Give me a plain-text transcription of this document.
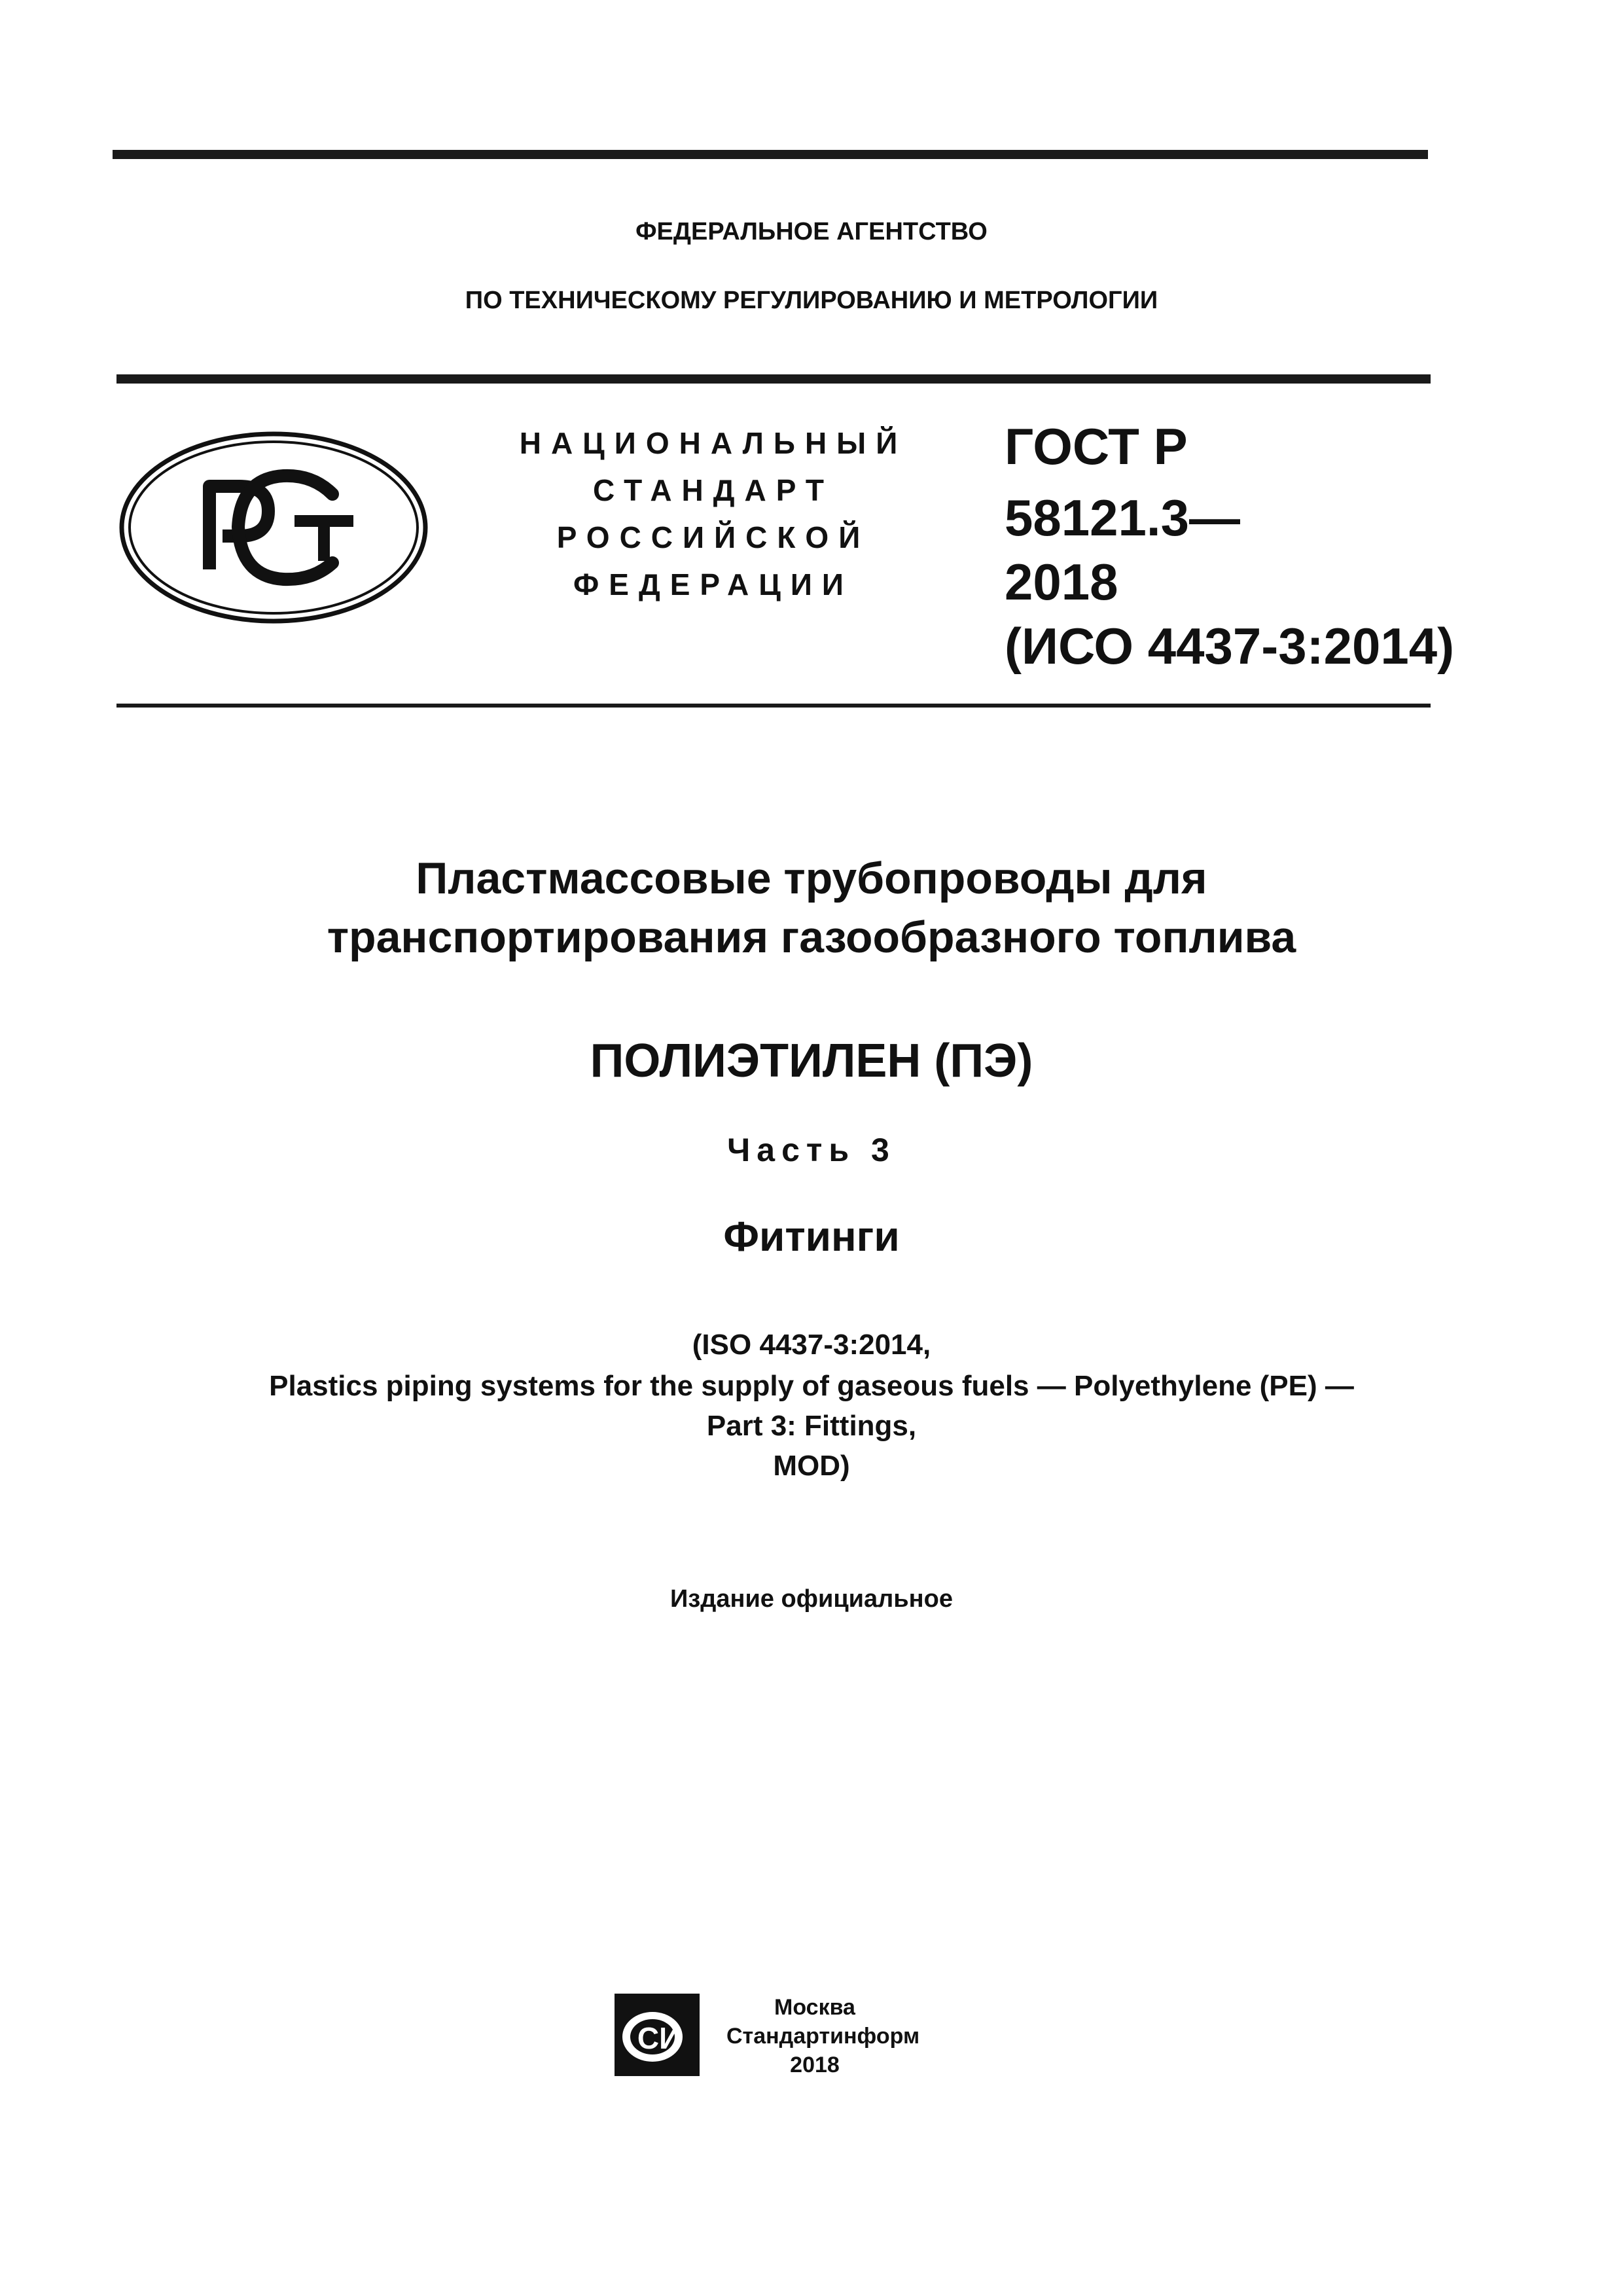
ФЕДЕРАЛЬНОЕ АГЕНТСТВО
ПО ТЕХНИЧЕСКОМУ РЕГУЛИРОВАНИЮ И МЕТРОЛОГИИ
НАЦИОНАЛЬНЫЙ
СТАНДАРТ
РОССИЙСКОЙ
ФЕДЕРАЦИИ
ГОСТ Р
58121.3—
2018
(ИСО 4437-3:2014)
Пластмассовые трубопроводы для
транспортирования газообразного топлива
ПОЛИЭТИЛЕН (ПЭ)
Часть 3
Фитинги
(ISO 4437-3:2014,
Plastics piping systems for the supply of gaseous fuels — Polyethylene (PE) —
Part 3: Fittings,
MOD)
Издание официальное
СИ
Москва
Стандартинформ
2018
